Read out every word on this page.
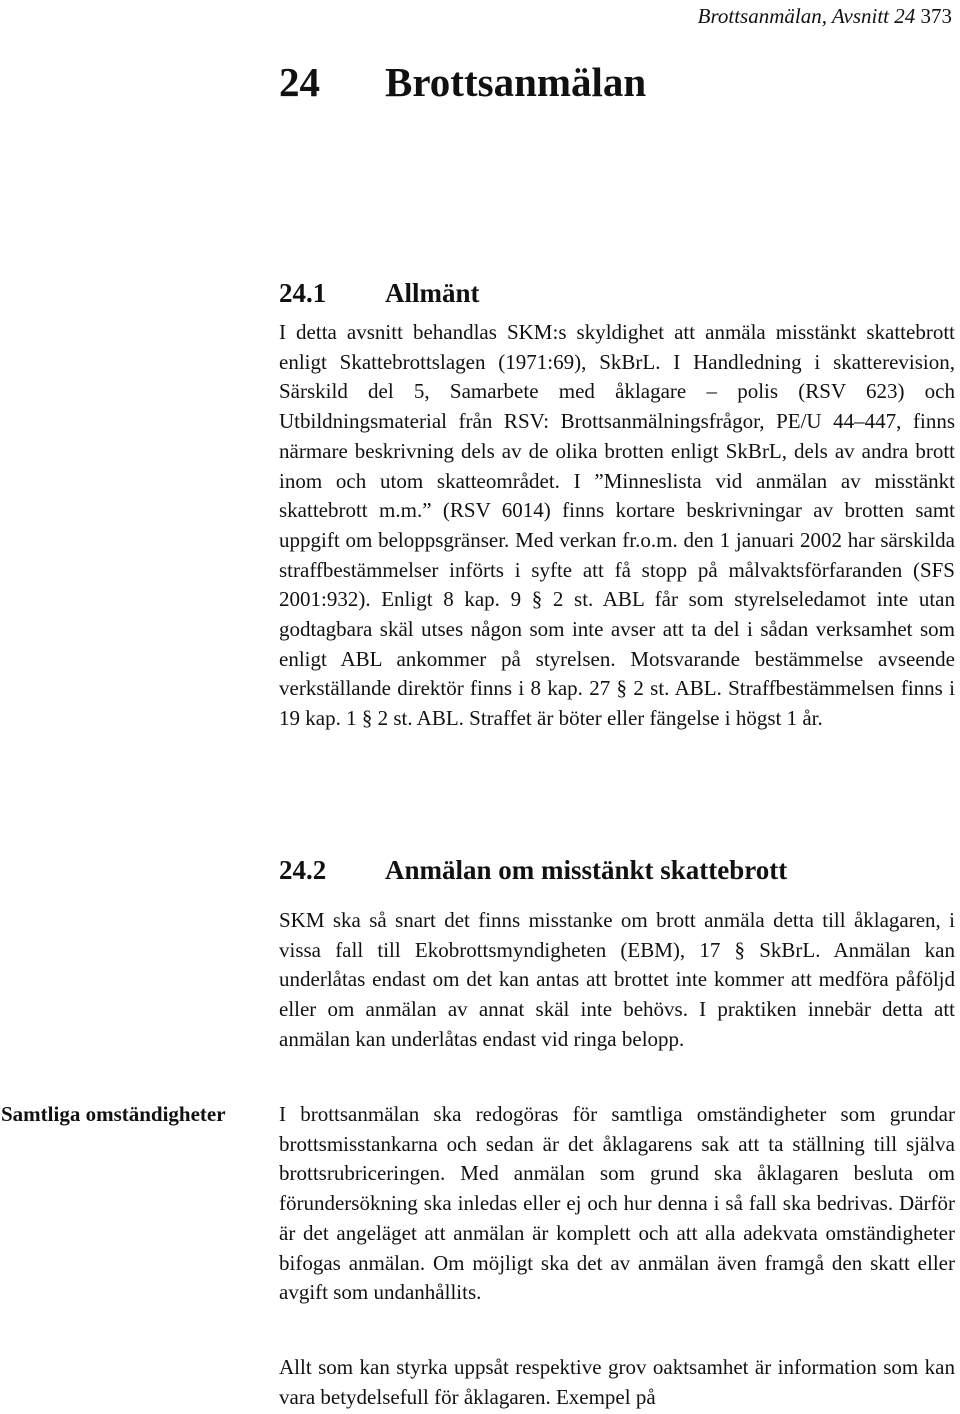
Brottsanmälan, Avsnitt 24 373
24 Brottsanmälan
24.1 Allmänt

I detta avsnitt behandlas SKM:s skyldighet att anmäla misstänkt skattebrott enligt Skattebrottslagen (1971:69), SkBrL. I Handledning i skatterevision, Särskild del 5, Samarbete med åklagare – polis (RSV 623) och Utbildningsmaterial från RSV: Brottsanmälningsfrågor, PE/U 44–447, finns närmare beskrivning dels av de olika brotten enligt SkBrL, dels av andra brott inom och utom skatteområdet. I ”Minneslista vid anmälan av misstänkt skattebrott m.m.” (RSV 6014) finns kortare beskrivningar av brotten samt uppgift om beloppsgränser. Med verkan fr.o.m. den 1 januari 2002 har särskilda straffbestämmelser införts i syfte att få stopp på målvaktsförfaranden (SFS 2001:932). Enligt 8 kap. 9 § 2 st. ABL får som styrelseledamot inte utan godtagbara skäl utses någon som inte avser att ta del i sådan verksamhet som enligt ABL ankommer på styrelsen. Motsvarande bestämmelse avseende verkställande direktör finns i 8 kap. 27 § 2 st. ABL. Straffbestämmelsen finns i 19 kap. 1 § 2 st. ABL. Straffet är böter eller fängelse i högst 1 år.

24.2 Anmälan om misstänkt skattebrott

SKM ska så snart det finns misstanke om brott anmäla detta till åklagaren, i vissa fall till Ekobrottsmyndigheten (EBM), 17 § SkBrL. Anmälan kan underlåtas endast om det kan antas att brottet inte kommer att medföra påföljd eller om anmälan av annat skäl inte behövs. I praktiken innebär detta att anmälan kan underlåtas endast vid ringa belopp.

Samtliga omständigheter	I brottsanmälan ska redogöras för samtliga omständigheter som grundar brottsmisstankarna och sedan är det åklagarens sak att ta ställning till själva brottsrubriceringen. Med anmälan som grund ska åklagaren besluta om förundersökning ska inledas eller ej och hur denna i så fall ska bedrivas. Därför är det angeläget att anmälan är komplett och att alla adekvata omständigheter bifogas anmälan. Om möjligt ska det av anmälan även framgå den skatt eller avgift som undanhållits.

Allt som kan styrka uppsåt respektive grov oaktsamhet är information som kan vara betydelsefull för åklagaren. Exempel på
